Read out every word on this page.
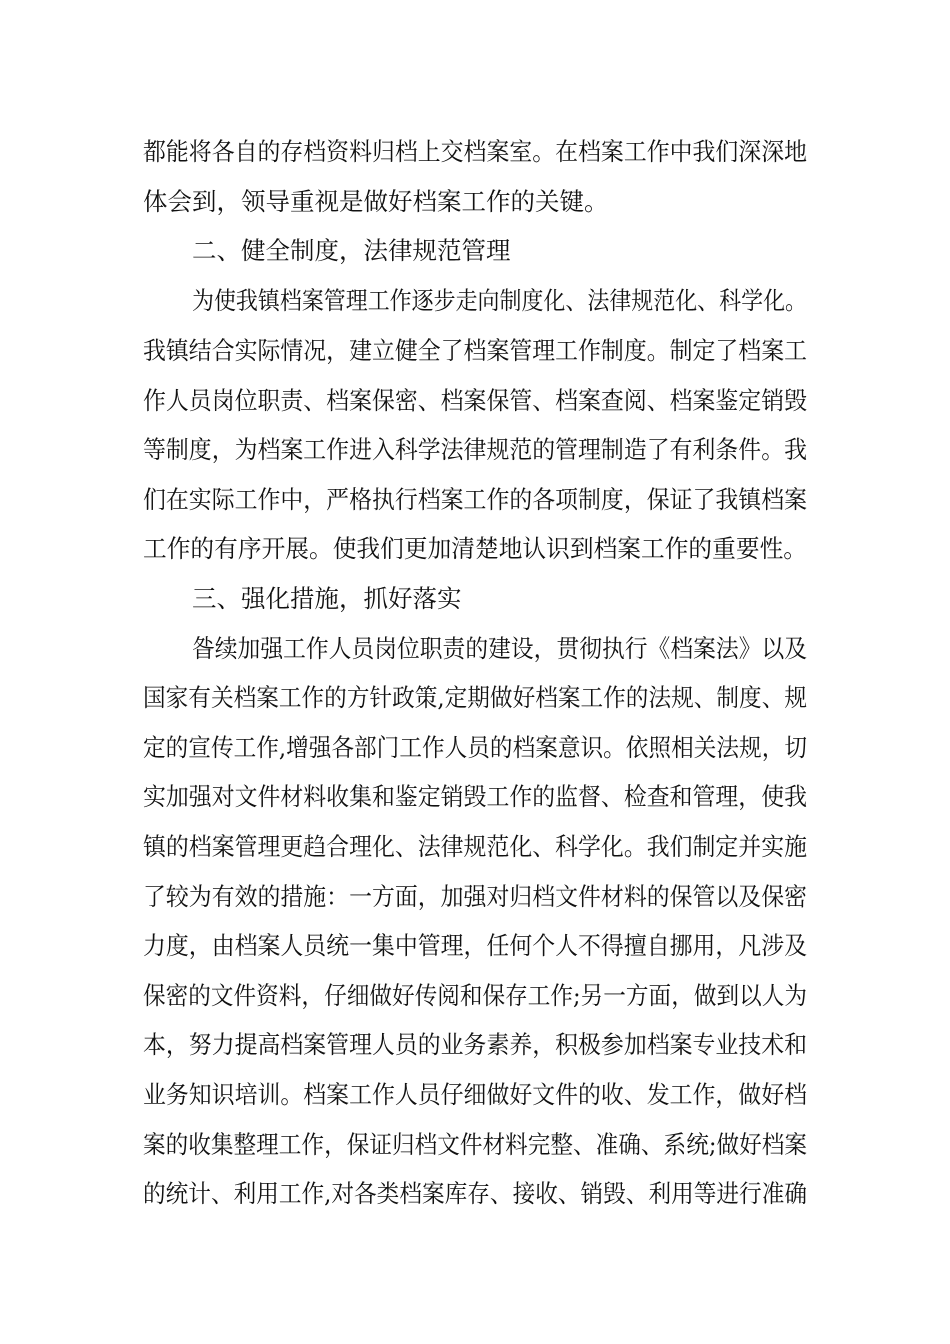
都能将各自的存档资料归档上交档案室。在档案工作中我们深深地
体会到，领导重视是做好档案工作的关键。
二、健全制度，法律规范管理
为使我镇档案管理工作逐步走向制度化、法律规范化、科学化。
我镇结合实际情况，建立健全了档案管理工作制度。制定了档案工
作人员岗位职责、档案保密、档案保管、档案查阅、档案鉴定销毁
等制度，为档案工作进入科学法律规范的管理制造了有利条件。我
们在实际工作中，严格执行档案工作的各项制度，保证了我镇档案
工作的有序开展。使我们更加清楚地认识到档案工作的重要性。
三、强化措施，抓好落实
昝续加强工作人员岗位职责的建设，贯彻执行《档案法》以及
国家有关档案工作的方针政策,定期做好档案工作的法规、制度、规
定的宣传工作,增强各部门工作人员的档案意识。依照相关法规，切
实加强对文件材料收集和鉴定销毁工作的监督、检查和管理，使我
镇的档案管理更趋合理化、法律规范化、科学化。我们制定并实施
了较为有效的措施：一方面，加强对归档文件材料的保管以及保密
力度，由档案人员统一集中管理，任何个人不得擅自挪用，凡涉及
保密的文件资料，仔细做好传阅和保存工作;另一方面，做到以人为
本，努力提高档案管理人员的业务素养，积极参加档案专业技术和
业务知识培训。档案工作人员仔细做好文件的收、发工作，做好档
案的收集整理工作，保证归档文件材料完整、准确、系统;做好档案
的统计、利用工作,对各类档案库存、接收、销毁、利用等进行准确
